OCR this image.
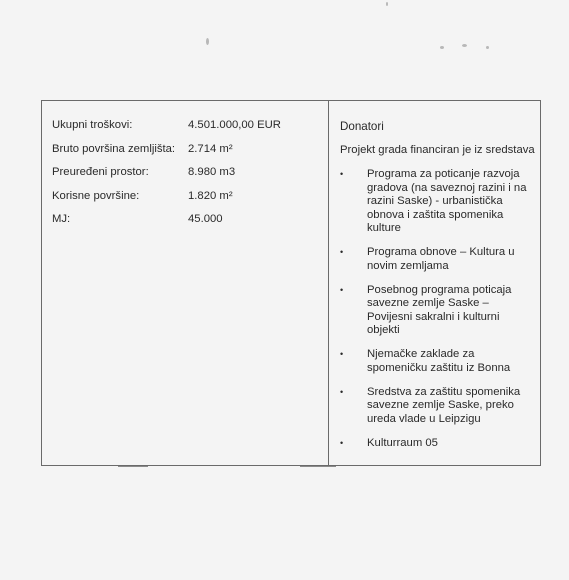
Ukupni troškovi:	4.501.000,00 EUR
Bruto površina zemljišta: 2.714 m²
Preuređeni prostor:	8.980 m3
Korisne površine:	1.820 m²
MJ:	45.000
Donatori
Projekt grada financiran je iz sredstava
• Programa za poticanje razvoja gradova (na saveznoj razini i na razini Saske) - urbanistička obnova i zaštita spomenika kulture
• Programa obnove – Kultura u novim zemljama
• Posebnog programa poticaja savezne zemlje Saske – Povijesni sakralni i kulturni objekti
• Njemačke zaklade za spomeničku zaštitu iz Bonna
• Sredstva za zaštitu spomenika savezne zemlje Saske, preko ureda vlade u Leipzigu
• Kulturraum 05
